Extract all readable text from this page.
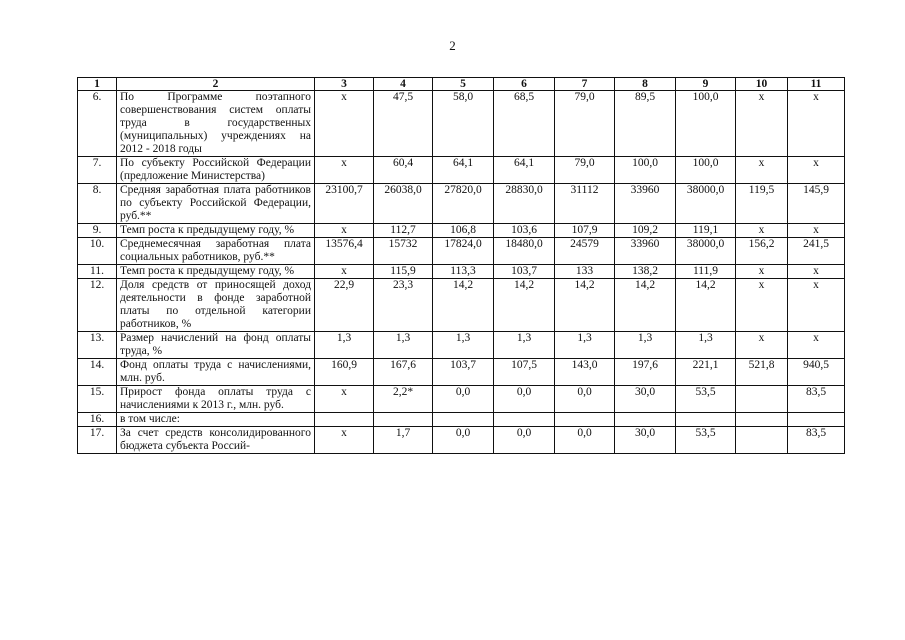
2
1	2	3	4	5	6	7	8	9	10	11
6.	По Программе поэтапного совершенствования систем оплаты труда в государственных (муниципальных) учреждениях на 2012 - 2018 годы	х	47,5	58,0	68,5	79,0	89,5	100,0	х	х
7.	По субъекту Российской Федерации (предложение Министерства)	х	60,4	64,1	64,1	79,0	100,0	100,0	х	х
8.	Средняя заработная плата работников по субъекту Российской Федерации, руб.**	23100,7	26038,0	27820,0	28830,0	31112	33960	38000,0	119,5	145,9
9.	Темп роста к предыдущему году, %	х	112,7	106,8	103,6	107,9	109,2	119,1	х	х
10.	Среднемесячная заработная плата социальных работников, руб.**	13576,4	15732	17824,0	18480,0	24579	33960	38000,0	156,2	241,5
11.	Темп роста к предыдущему году, %	х	115,9	113,3	103,7	133	138,2	111,9	х	х
12.	Доля средств от приносящей доход деятельности в фонде заработной платы по отдельной категории работников, %	22,9	23,3	14,2	14,2	14,2	14,2	14,2	х	х
13.	Размер начислений на фонд оплаты труда, %	1,3	1,3	1,3	1,3	1,3	1,3	1,3	х	х
14.	Фонд оплаты труда с начислениями, млн. руб.	160,9	167,6	103,7	107,5	143,0	197,6	221,1	521,8	940,5
15.	Прирост фонда оплаты труда с начислениями к 2013 г., млн. руб.	х	2,2*	0,0	0,0	0,0	30,0	53,5		83,5
16.	в том числе:									
17.	За счет средств консолидированного бюджета субъекта Россий-	х	1,7	0,0	0,0	0,0	30,0	53,5		83,5
